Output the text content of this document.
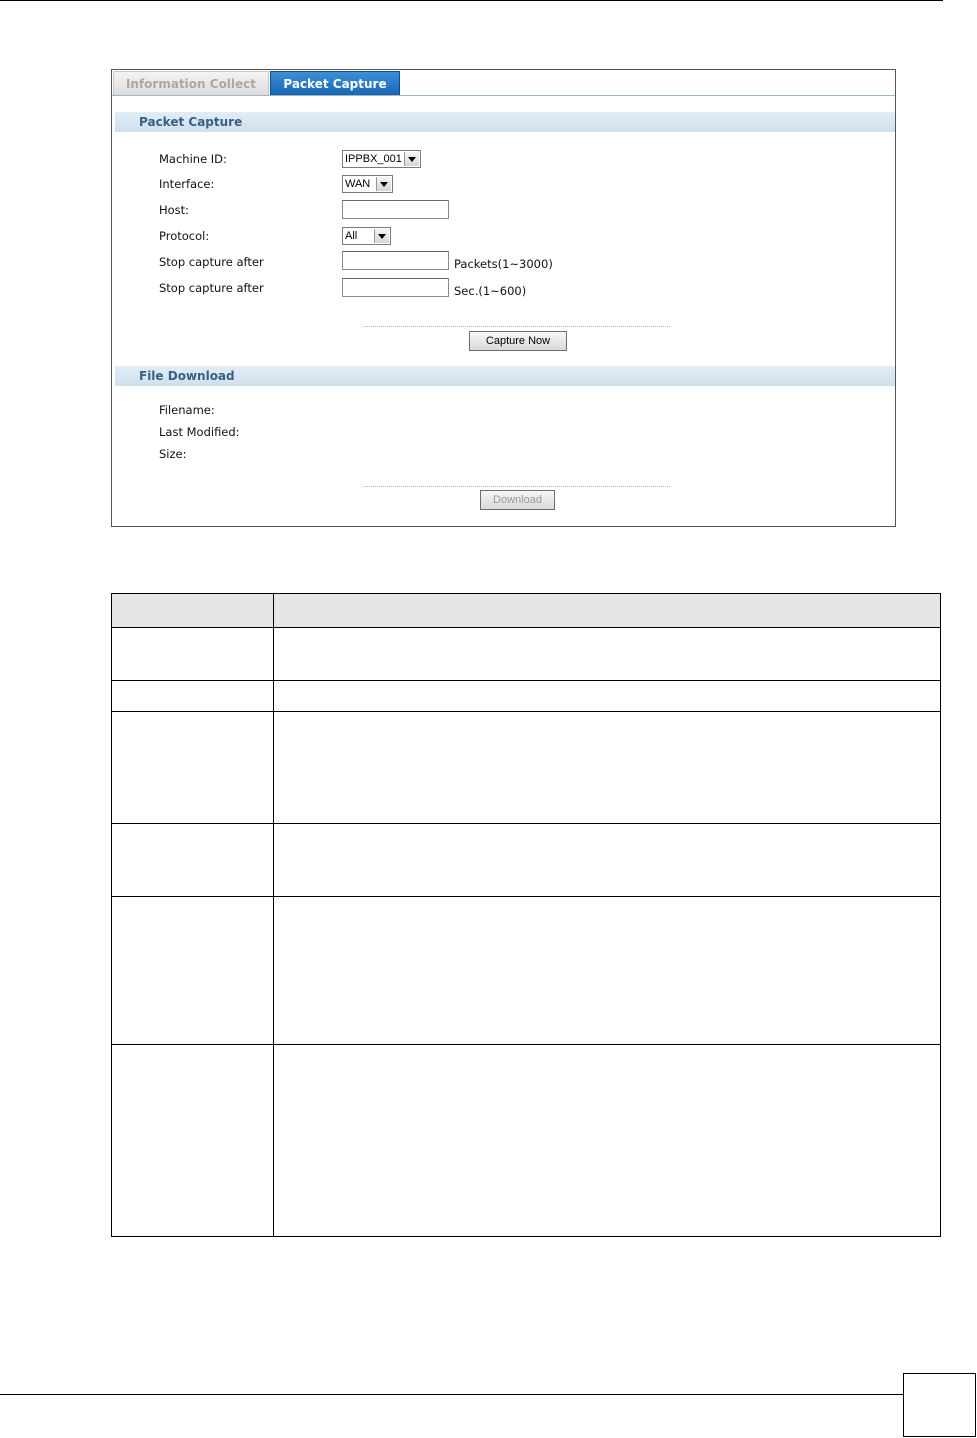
Information Collect	Packet Capture
Packet Capture
Machine ID:	IPPBX_001
Interface:	WAN
Host:
Protocol:	All
Stop capture after	Packets(1~3000)
Stop capture after	Sec.(1~600)
Capture Now
File Download
Filename:
Last Modified:
Size:
Download
